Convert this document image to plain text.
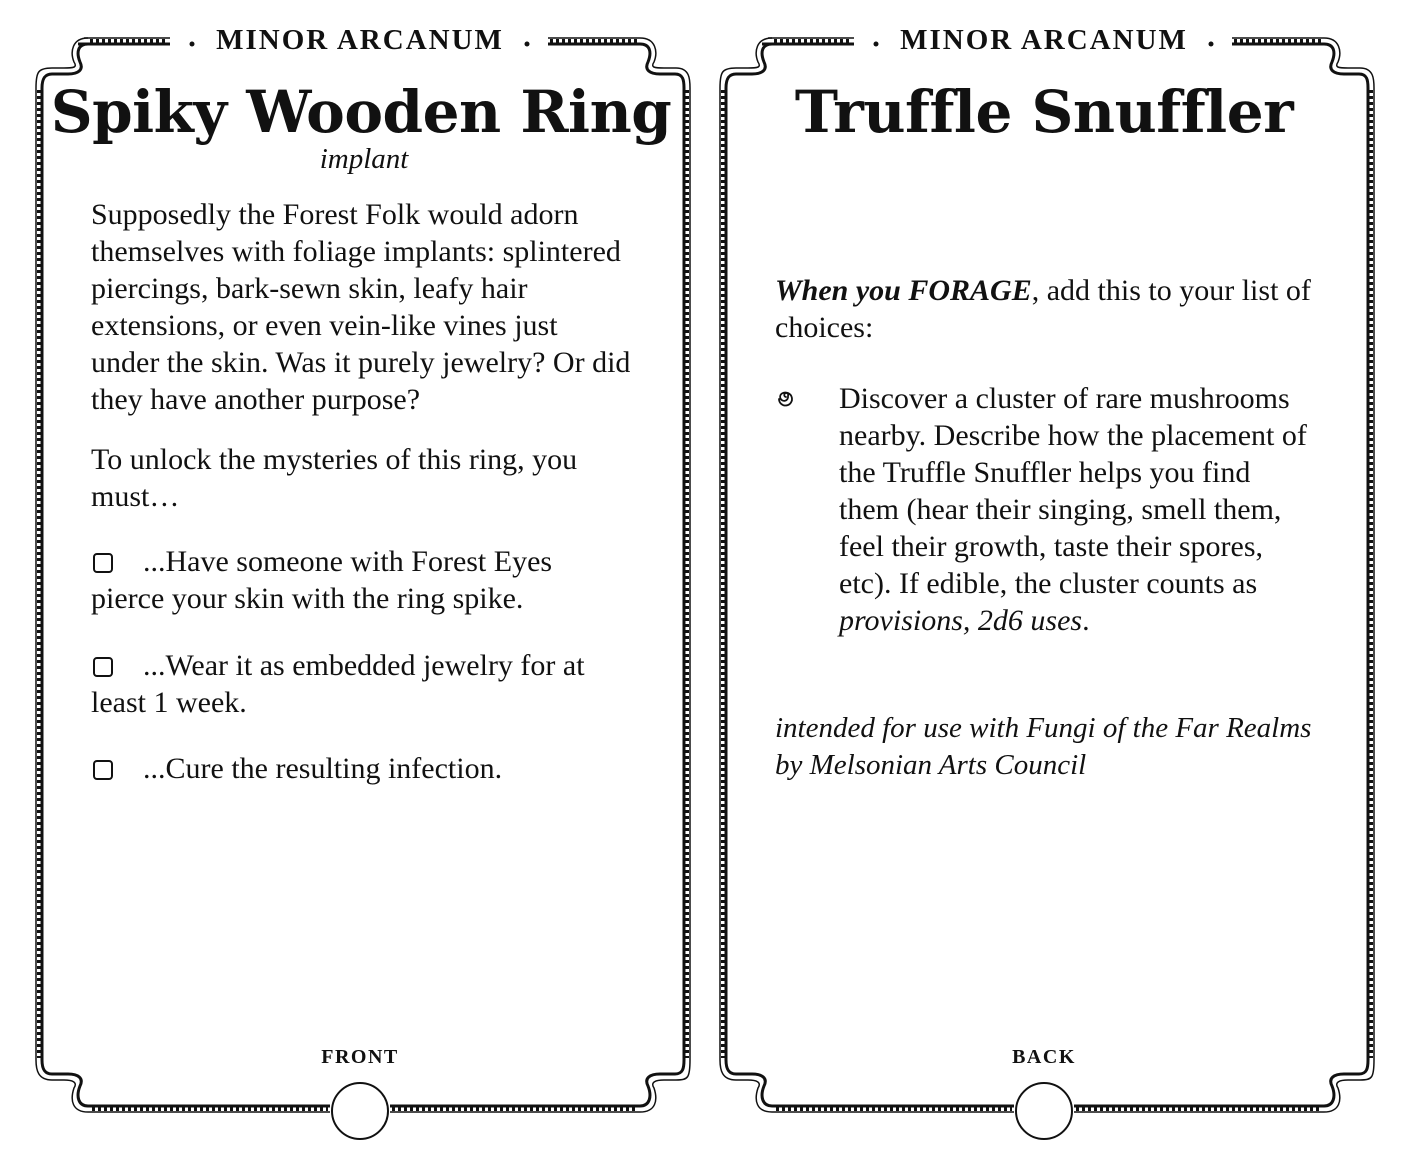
MINOR ARCANUM
Spiky Wooden Ring
implant

Supposedly the Forest Folk would adorn themselves with foliage implants: splintered piercings, bark-sewn skin, leafy hair extensions, or even vein-like vines just under the skin. Was it purely jewelry? Or did they have another purpose?

To unlock the mysteries of this ring, you must…

...Have someone with Forest Eyes pierce your skin with the ring spike.

...Wear it as embedded jewelry for at least 1 week.

...Cure the resulting infection.

FRONT
MINOR ARCANUM
Truffle Snuffler
When you FORAGE, add this to your list of choices:
Discover a cluster of rare mushrooms nearby. Describe how the placement of the Truffle Snuffler helps you find them (hear their singing, smell them, feel their growth, taste their spores, etc). If edible, the cluster counts as provisions, 2d6 uses.
intended for use with Fungi of the Far Realms by Melsonian Arts Council
BACK
